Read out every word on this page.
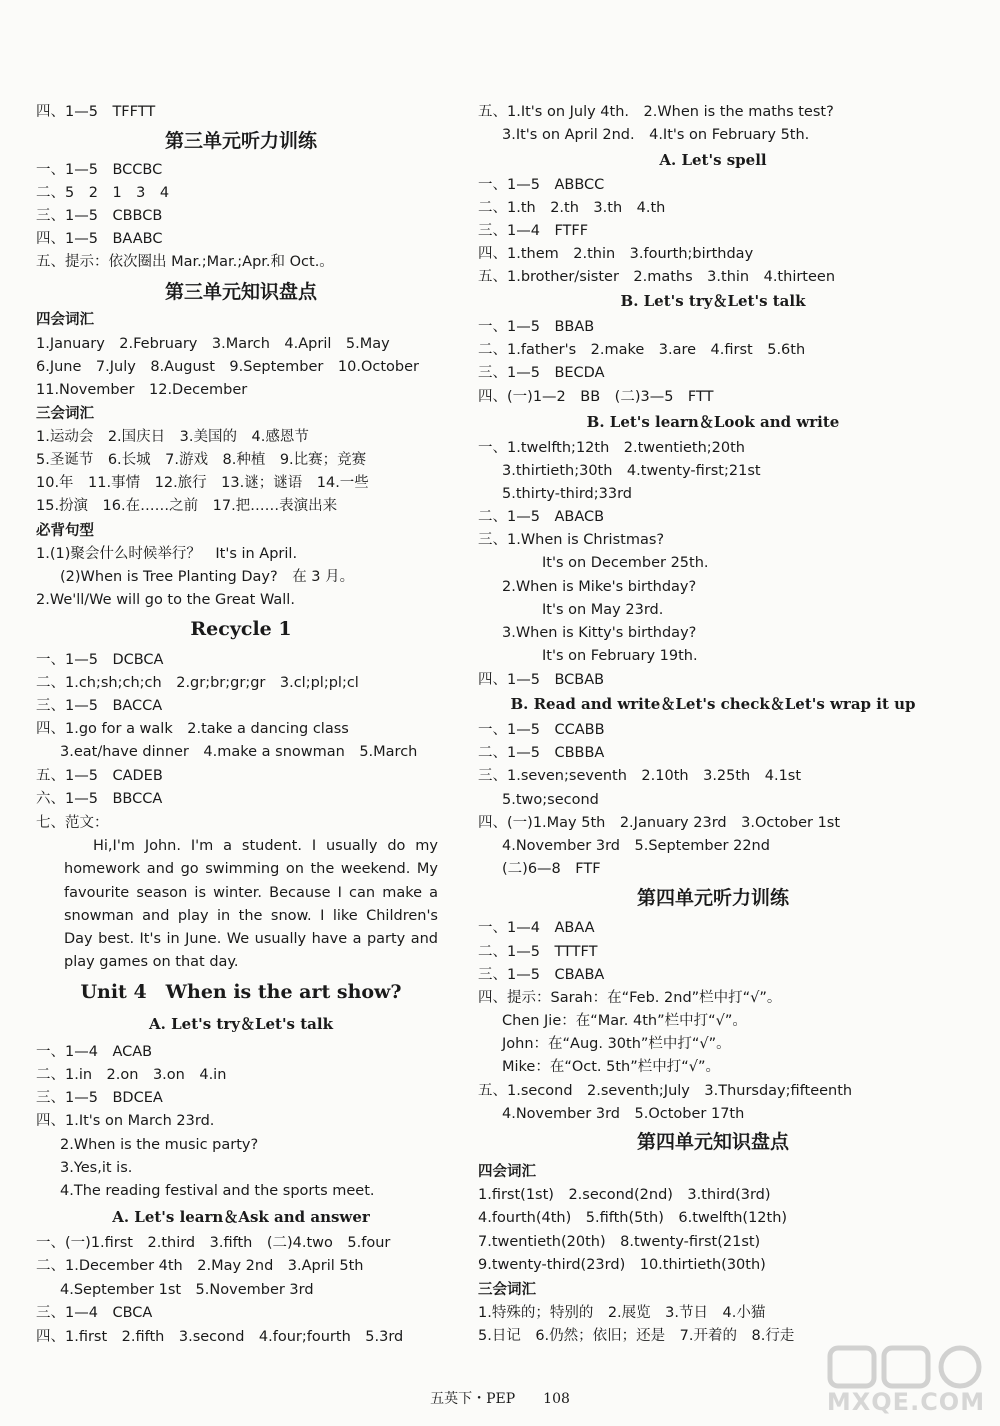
四、1—5　TFFTT
第三单元听力训练
一、1—5　BCCBC
二、5　2　1　3　4
三、1—5　CBBCB
四、1—5　BAABC
五、提示：依次圈出 Mar.;Mar.;Apr.和 Oct.。
第三单元知识盘点
四会词汇
1.January　2.February　3.March　4.April　5.May
6.June　7.July　8.August　9.September　10.October
11.November　12.December
三会词汇
1.运动会　2.国庆日　3.美国的　4.感恩节
5.圣诞节　6.长城　7.游戏　8.种植　9.比赛；竞赛
10.年　11.事情　12.旅行　13.谜；谜语　14.一些
15.扮演　16.在……之前　17.把……表演出来
必背句型
1.(1)聚会什么时候举行？　It's in April.
(2)When is Tree Planting Day?　在 3 月。
2.We'll/We will go to the Great Wall.
Recycle 1
一、1—5　DCBCA
二、1.ch;sh;ch;ch　2.gr;br;gr;gr　3.cl;pl;pl;cl
三、1—5　BACCA
四、1.go for a walk　2.take a dancing class
3.eat/have dinner　4.make a snowman　5.March
五、1—5　CADEB
六、1—5　BBCCA
七、范文：
Hi,I'm John. I'm a student. I usually do my homework and go swimming on the weekend. My favourite season is winter. Because I can make a snowman and play in the snow. I like Children's Day best. It's in June. We usually have a party and play games on that day.
Unit 4　When is the art show?
A. Let's try＆Let's talk
一、1—4　ACAB
二、1.in　2.on　3.on　4.in
三、1—5　BDCEA
四、1.It's on March 23rd.
2.When is the music party?
3.Yes,it is.
4.The reading festival and the sports meet.
A. Let's learn＆Ask and answer
一、(一)1.first　2.third　3.fifth　(二)4.two　5.four
二、1.December 4th　2.May 2nd　3.April 5th
4.September 1st　5.November 3rd
三、1—4　CBCA
四、1.first　2.fifth　3.second　4.four;fourth　5.3rd
五、1.It's on July 4th.　2.When is the maths test?
3.It's on April 2nd.　4.It's on February 5th.
A. Let's spell
一、1—5　ABBCC
二、1.th　2.th　3.th　4.th
三、1—4　FTFF
四、1.them　2.thin　3.fourth;birthday
五、1.brother/sister　2.maths　3.thin　4.thirteen
B. Let's try＆Let's talk
一、1—5　BBAB
二、1.father's　2.make　3.are　4.first　5.6th
三、1—5　BECDA
四、(一)1—2　BB　(二)3—5　FTT
B. Let's learn＆Look and write
一、1.twelfth;12th　2.twentieth;20th
3.thirtieth;30th　4.twenty-first;21st
5.thirty-third;33rd
二、1—5　ABACB
三、1.When is Christmas?
It's on December 25th.
2.When is Mike's birthday?
It's on May 23rd.
3.When is Kitty's birthday?
It's on February 19th.
四、1—5　BCBAB
B. Read and write＆Let's check＆Let's wrap it up
一、1—5　CCABB
二、1—5　CBBBA
三、1.seven;seventh　2.10th　3.25th　4.1st
5.two;second
四、(一)1.May 5th　2.January 23rd　3.October 1st
4.November 3rd　5.September 22nd
(二)6—8　FTF
第四单元听力训练
一、1—4　ABAA
二、1—5　TTTFT
三、1—5　CBABA
四、提示：Sarah：在“Feb. 2nd”栏中打“√”。
Chen Jie：在“Mar. 4th”栏中打“√”。
John：在“Aug. 30th”栏中打“√”。
Mike：在“Oct. 5th”栏中打“√”。
五、1.second　2.seventh;July　3.Thursday;fifteenth
4.November 3rd　5.October 17th
第四单元知识盘点
四会词汇
1.first(1st)　2.second(2nd)　3.third(3rd)
4.fourth(4th)　5.fifth(5th)　6.twelfth(12th)
7.twentieth(20th)　8.twenty-first(21st)
9.twenty-third(23rd)　10.thirtieth(30th)
三会词汇
1.特殊的；特别的　2.展览　3.节日　4.小猫
5.日记　6.仍然；依旧；还是　7.开着的　8.行走
五英下・PEP　　108	MXQE.COM
